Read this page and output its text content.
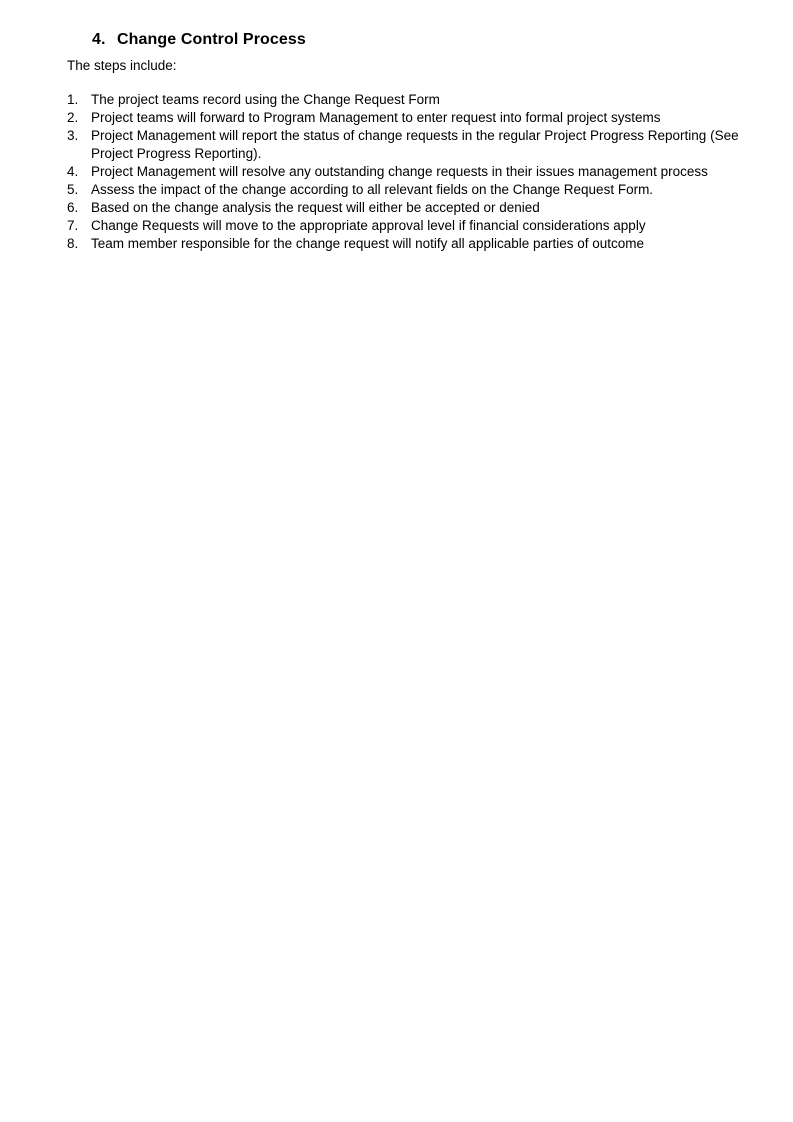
4. Change Control Process
The steps include:
1. The project teams record using the Change Request Form
2. Project teams will forward to Program Management to enter request into formal project systems
3. Project Management will report the status of change requests in the regular Project Progress Reporting (See Project Progress Reporting).
4. Project Management will resolve any outstanding change requests in their issues management process
5. Assess the impact of the change according to all relevant fields on the Change Request Form.
6. Based on the change analysis the request will either be accepted or denied
7. Change Requests will move to the appropriate approval level if financial considerations apply
8. Team member responsible for the change request will notify all applicable parties of outcome
